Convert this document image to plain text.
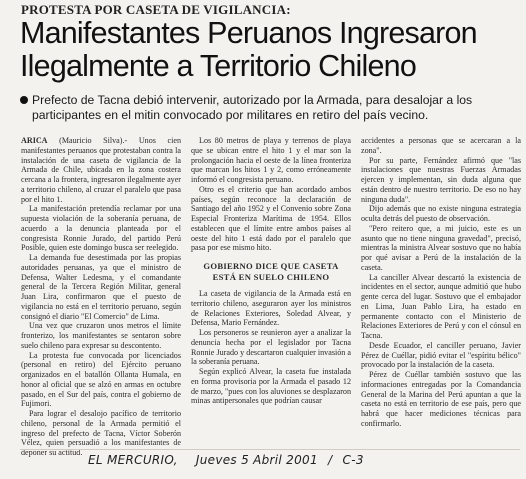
PROTESTA POR CASETA DE VIGILANCIA:
Manifestantes Peruanos Ingresaron
Ilegalmente a Territorio Chileno
Prefecto de Tacna debió intervenir, autorizado por la Armada, para desalojar a los
participantes en el mitin convocado por militares en retiro del país vecino.

ARICA (Mauricio Silva).- Unos cien manifestantes peruanos que protestaban contra la instalación de una caseta de vigilancia de la Armada de Chile, ubicada en la zona costera cercana a la frontera, ingresaron ilegalmente ayer a territorio chileno, al cruzar el paralelo que pasa por el hito 1.

La manifestación pretendía reclamar por una supuesta violación de la soberanía peruana, de acuerdo a la denuncia planteada por el congresista Ronnie Jurado, del partido Perú Posible, quien este domingo busca ser reelegido.

La demanda fue desestimada por las propias autoridades peruanas, ya que el ministro de Defensa, Walter Ledesma, y el comandante general de la Tercera Región Militar, general Juan Lira, confirmaron que el puesto de vigilancia no está en el territorio peruano, según consignó el diario "El Comercio" de Lima.

Una vez que cruzaron unos metros el límite fronterizo, los manifestantes se sentaron sobre suelo chileno para expresar su descontento.

La protesta fue convocada por licenciados (personal en retiro) del Ejército peruano organizados en el batallón Ollanta Humala, en honor al oficial que se alzó en armas en octubre pasado, en el Sur del país, contra el gobierno de Fujimori.

Para lograr el desalojo pacífico de territorio chileno, personal de la Armada permitió el ingreso del prefecto de Tacna, Víctor Soberón Vélez, quien persuadió a los manifestantes de deponer su actitud.

Los 80 metros de playa y terrenos de playa que se ubican entre el hito 1 y el mar son la prolongación hacia el oeste de la línea fronteriza que marcan los hitos 1 y 2, como erróneamente informó el congresista peruano.

Otro es el criterio que han acordado ambos países, según reconoce la declaración de Santiago del año 1952 y el Convenio sobre Zona Especial Fronteriza Marítima de 1954. Ellos establecen que el límite entre ambos países al oeste del hito 1 está dado por el paralelo que pasa por ese mismo hito.

GOBIERNO DICE QUE CASETA
ESTÁ EN SUELO CHILENO

La caseta de vigilancia de la Armada está en territorio chileno, aseguraron ayer los ministros de Relaciones Exteriores, Soledad Alvear, y Defensa, Mario Fernández.

Los personeros se reunieron ayer a analizar la denuncia hecha por el legislador por Tacna Ronnie Jurado y descartaron cualquier invasión a la soberanía peruana.

Según explicó Alvear, la caseta fue instalada en forma provisoria por la Armada el pasado 12 de marzo, "pues con los aluviones se desplazaron minas antipersonales que podrían causar

accidentes a personas que se acercaran a la zona".

Por su parte, Fernández afirmó que "las instalaciones que nuestras Fuerzas Armadas ejercen y implementan, sin duda alguna que están dentro de nuestro territorio. De eso no hay ninguna duda".

Dijo además que no existe ninguna estrategia oculta detrás del puesto de observación.

"Pero reitero que, a mi juicio, este es un asunto que no tiene ninguna gravedad", precisó, mientras la ministra Alvear sostuvo que no había por qué avisar a Perú de la instalación de la caseta.

La canciller Alvear descartó la existencia de incidentes en el sector, aunque admitió que hubo gente cerca del lugar. Sostuvo que el embajador en Lima, Juan Pablo Lira, ha estado en permanente contacto con el Ministerio de Relaciones Exteriores de Perú y con el cónsul en Tacna.

Desde Ecuador, el canciller peruano, Javier Pérez de Cuéllar, pidió evitar el "espíritu bélico" provocado por la instalación de la caseta.

Pérez de Cuéllar también sostuvo que las informaciones entregadas por la Comandancia General de la Marina del Perú apuntan a que la caseta no está en territorio de ese país, pero que habrá que hacer mediciones técnicas para confirmarlo.

EL MERCURIO, Jueves 5 Abril 2001 / C-3
